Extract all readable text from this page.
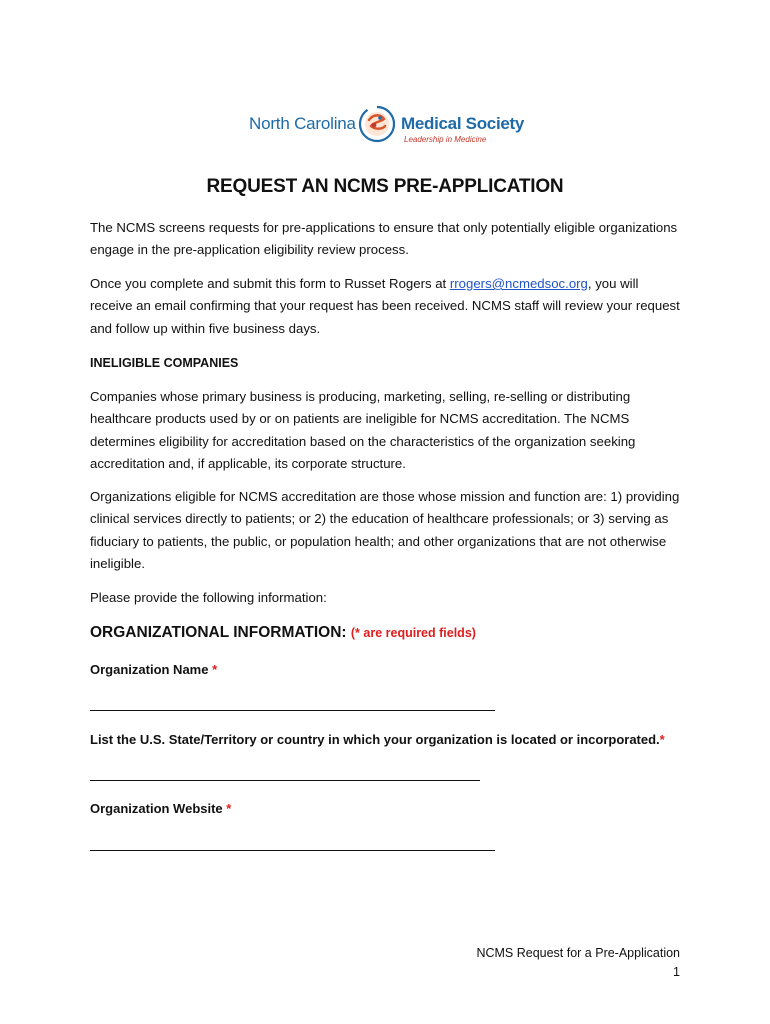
North Carolina	Medical Society
Leadership in Medicine
REQUEST AN NCMS PRE-APPLICATION

The NCMS screens requests for pre-applications to ensure that only potentially eligible organizations engage in the pre-application eligibility review process.

Once you complete and submit this form to Russet Rogers at rrogers@ncmedsoc.org, you will receive an email confirming that your request has been received. NCMS staff will review your request and follow up within five business days.

INELIGIBLE COMPANIES

Companies whose primary business is producing, marketing, selling, re-selling or distributing healthcare products used by or on patients are ineligible for NCMS accreditation. The NCMS determines eligibility for accreditation based on the characteristics of the organization seeking accreditation and, if applicable, its corporate structure.

Organizations eligible for NCMS accreditation are those whose mission and function are: 1) providing clinical services directly to patients; or 2) the education of healthcare professionals; or 3) serving as fiduciary to patients, the public, or population health; and other organizations that are not otherwise ineligible.

Please provide the following information:

ORGANIZATIONAL INFORMATION: (* are required fields)
Organization Name *
List the U.S. State/Territory or country in which your organization is located or incorporated.*
Organization Website *
NCMS Request for a Pre-Application
1
